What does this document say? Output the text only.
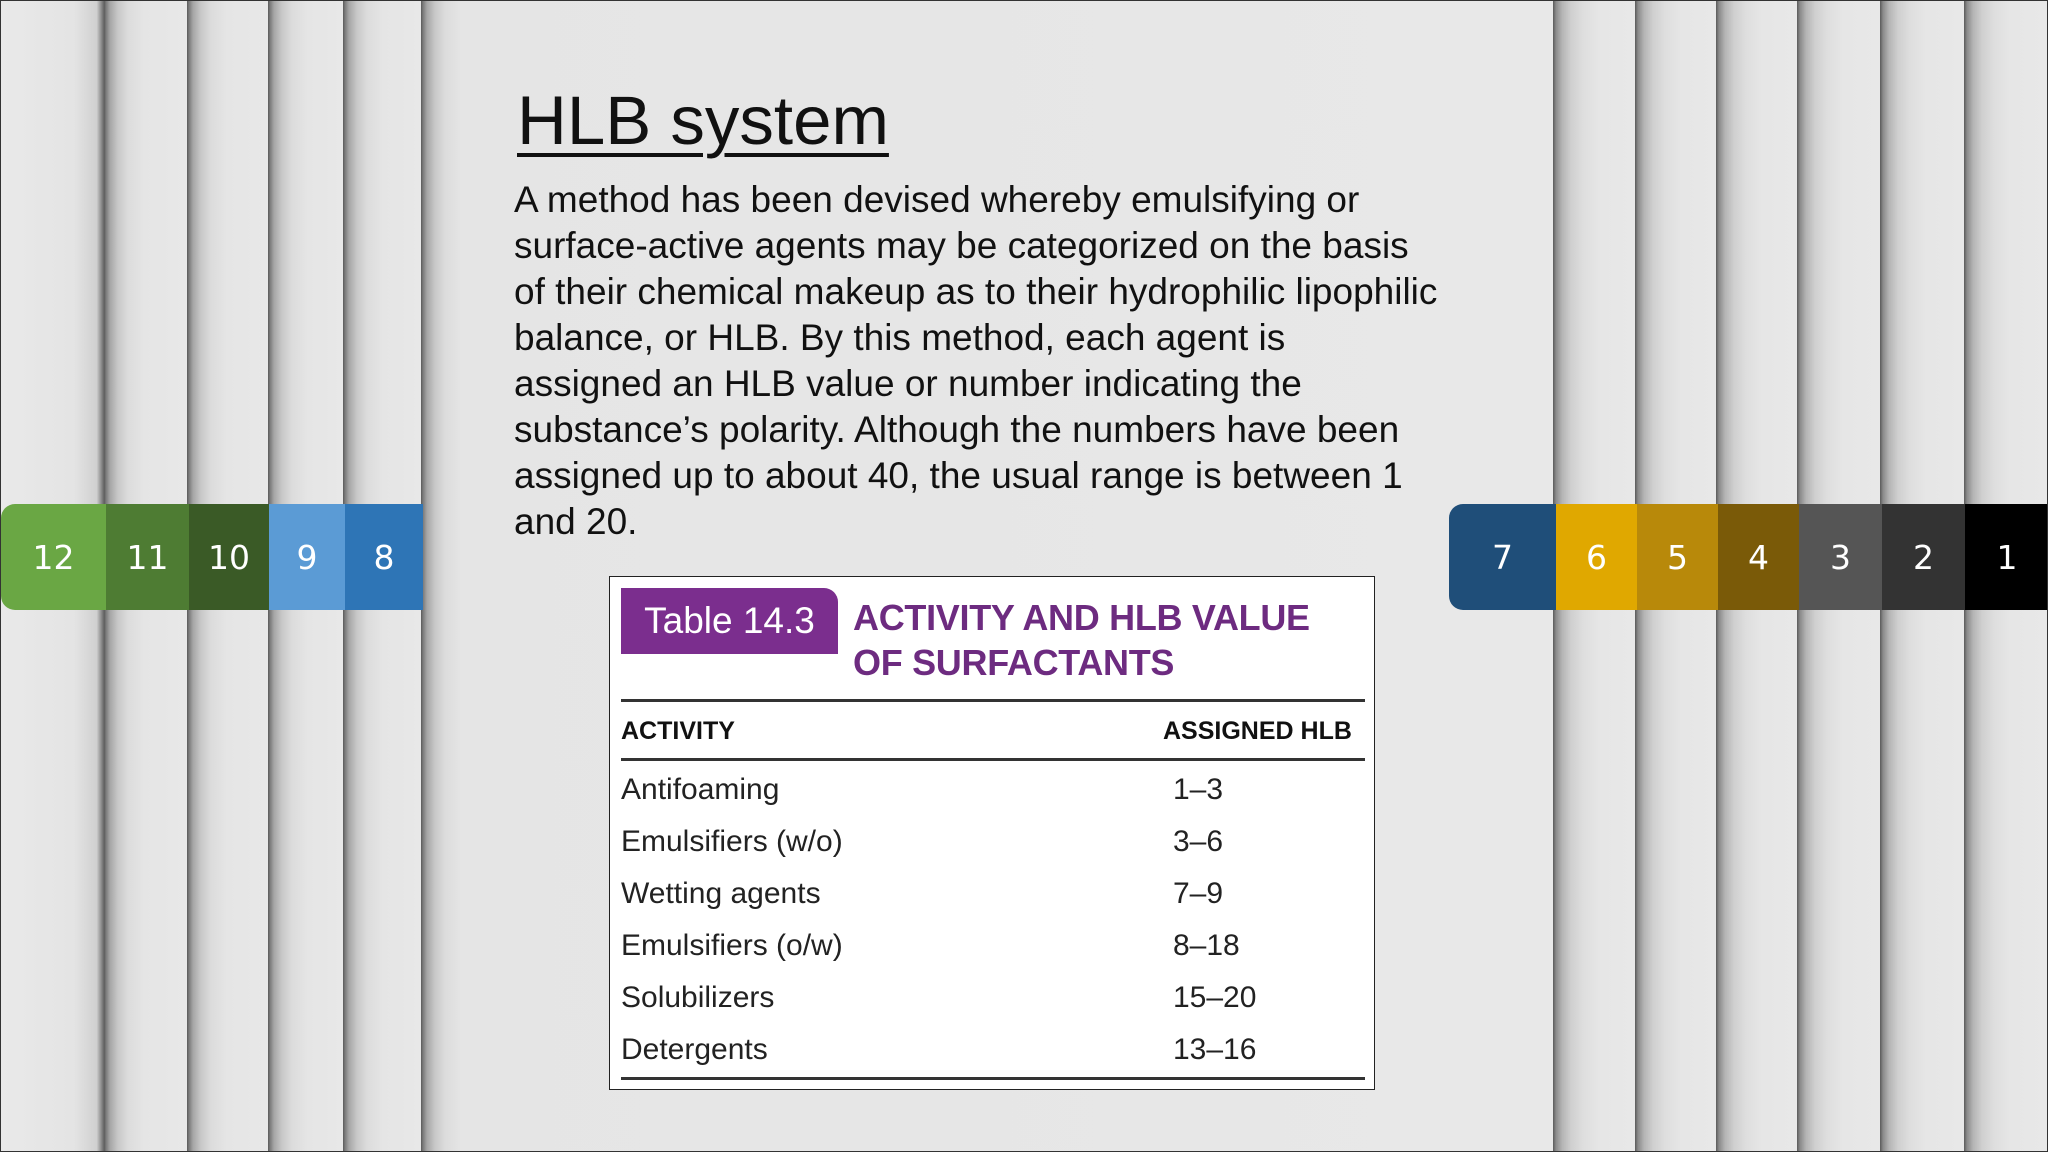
12 11 10 9 8	7 6 5 4 3 2 1
HLB system

A method has been devised whereby emulsifying or surface-active agents may be categorized on the basis of their chemical makeup as to their hydrophilic lipophilic balance, or HLB. By this method, each agent is assigned an HLB value or number indicating the substance’s polarity. Although the numbers have been assigned up to about 40, the usual range is between 1 and 20.

Table 14.3	ACTIVITY AND HLB VALUE OF SURFACTANTS

ACTIVITY	ASSIGNED HLB
Antifoaming	1–3
Emulsifiers (w/o)	3–6
Wetting agents	7–9
Emulsifiers (o/w)	8–18
Solubilizers	15–20
Detergents	13–16
